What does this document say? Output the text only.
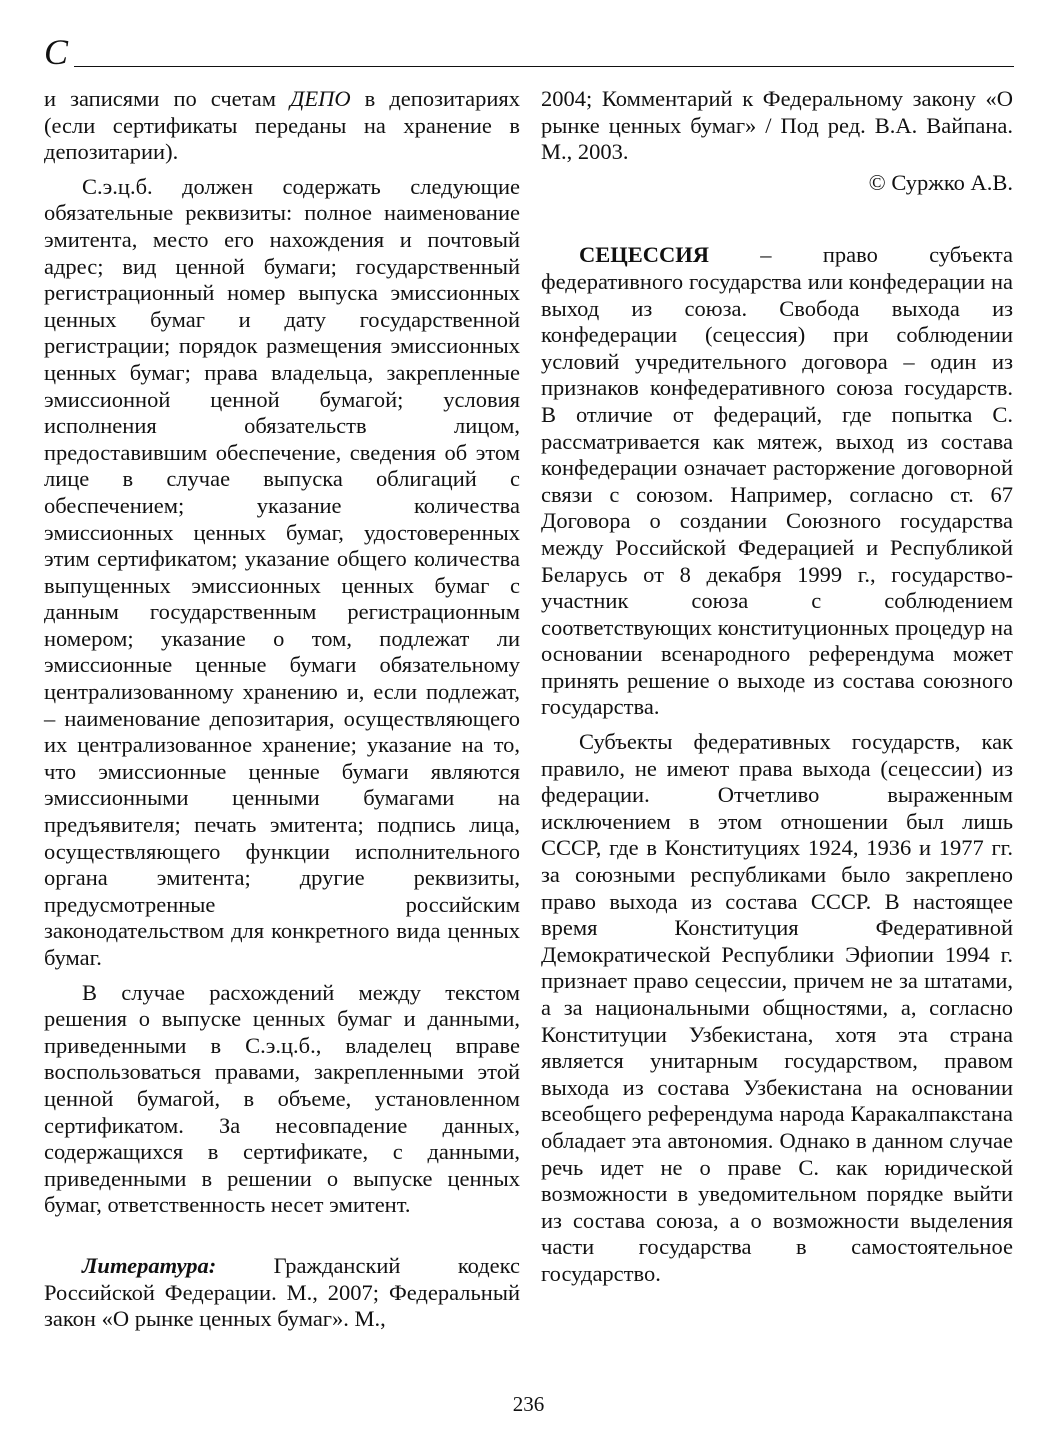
С

и записями по счетам ДЕПО в депозитариях (если сертификаты переданы на хранение в депозитарии).

С.э.ц.б. должен содержать следующие обязательные реквизиты: полное наименование эмитента, место его нахождения и почтовый адрес; вид ценной бумаги; государственный регистрационный номер выпуска эмиссионных ценных бумаг и дату государственной регистрации; порядок размещения эмиссионных ценных бумаг; права владельца, закрепленные эмиссионной ценной бумагой; условия исполнения обязательств лицом, предоставившим обеспечение, сведения об этом лице в случае выпуска облигаций с обеспечением; указание количества эмиссионных ценных бумаг, удостоверенных этим сертификатом; указание общего количества выпущенных эмиссионных ценных бумаг с данным государственным регистрационным номером; указание о том, подлежат ли эмиссионные ценные бумаги обязательному централизованному хранению и, если подлежат, – наименование депозитария, осуществляющего их централизованное хранение; указание на то, что эмиссионные ценные бумаги являются эмиссионными ценными бумагами на предъявителя; печать эмитента; подпись лица, осуществляющего функции исполнительного органа эмитента; другие реквизиты, предусмотренные российским законодательством для конкретного вида ценных бумаг.

В случае расхождений между текстом решения о выпуске ценных бумаг и данными, приведенными в С.э.ц.б., владелец вправе воспользоваться правами, закрепленными этой ценной бумагой, в объеме, установленном сертификатом. За несовпадение данных, содержащихся в сертификате, с данными, приведенными в решении о выпуске ценных бумаг, ответственность несет эмитент.

Литература: Гражданский кодекс Российской Федерации. М., 2007; Федеральный закон «О рынке ценных бумаг». М.,

2004; Комментарий к Федеральному закону «О рынке ценных бумаг» / Под ред. В.А. Вайпана. М., 2003.

© Суржко А.В.

СЕЦЕССИЯ – право субъекта федеративного государства или конфедерации на выход из союза. Свобода выхода из конфедерации (сецессия) при соблюдении условий учредительного договора – один из признаков конфедеративного союза государств. В отличие от федераций, где попытка С. рассматривается как мятеж, выход из состава конфедерации означает расторжение договорной связи с союзом. Например, согласно ст. 67 Договора о создании Союзного государства между Российской Федерацией и Республикой Беларусь от 8 декабря 1999 г., государство-участник союза с соблюдением соответствующих конституционных процедур на основании всенародного референдума может принять решение о выходе из состава союзного государства.

Субъекты федеративных государств, как правило, не имеют права выхода (сецессии) из федерации. Отчетливо выраженным исключением в этом отношении был лишь СССР, где в Конституциях 1924, 1936 и 1977 гг. за союзными республиками было закреплено право выхода из состава СССР. В настоящее время Конституция Федеративной Демократической Республики Эфиопии 1994 г. признает право сецессии, причем не за штатами, а за национальными общностями, а, согласно Конституции Узбекистана, хотя эта страна является унитарным государством, правом выхода из состава Узбекистана на основании всеобщего референдума народа Каракалпакстана обладает эта автономия. Однако в данном случае речь идет не о праве С. как юридической возможности в уведомительном порядке выйти из состава союза, а о возможности выделения части государства в самостоятельное государство.

236
